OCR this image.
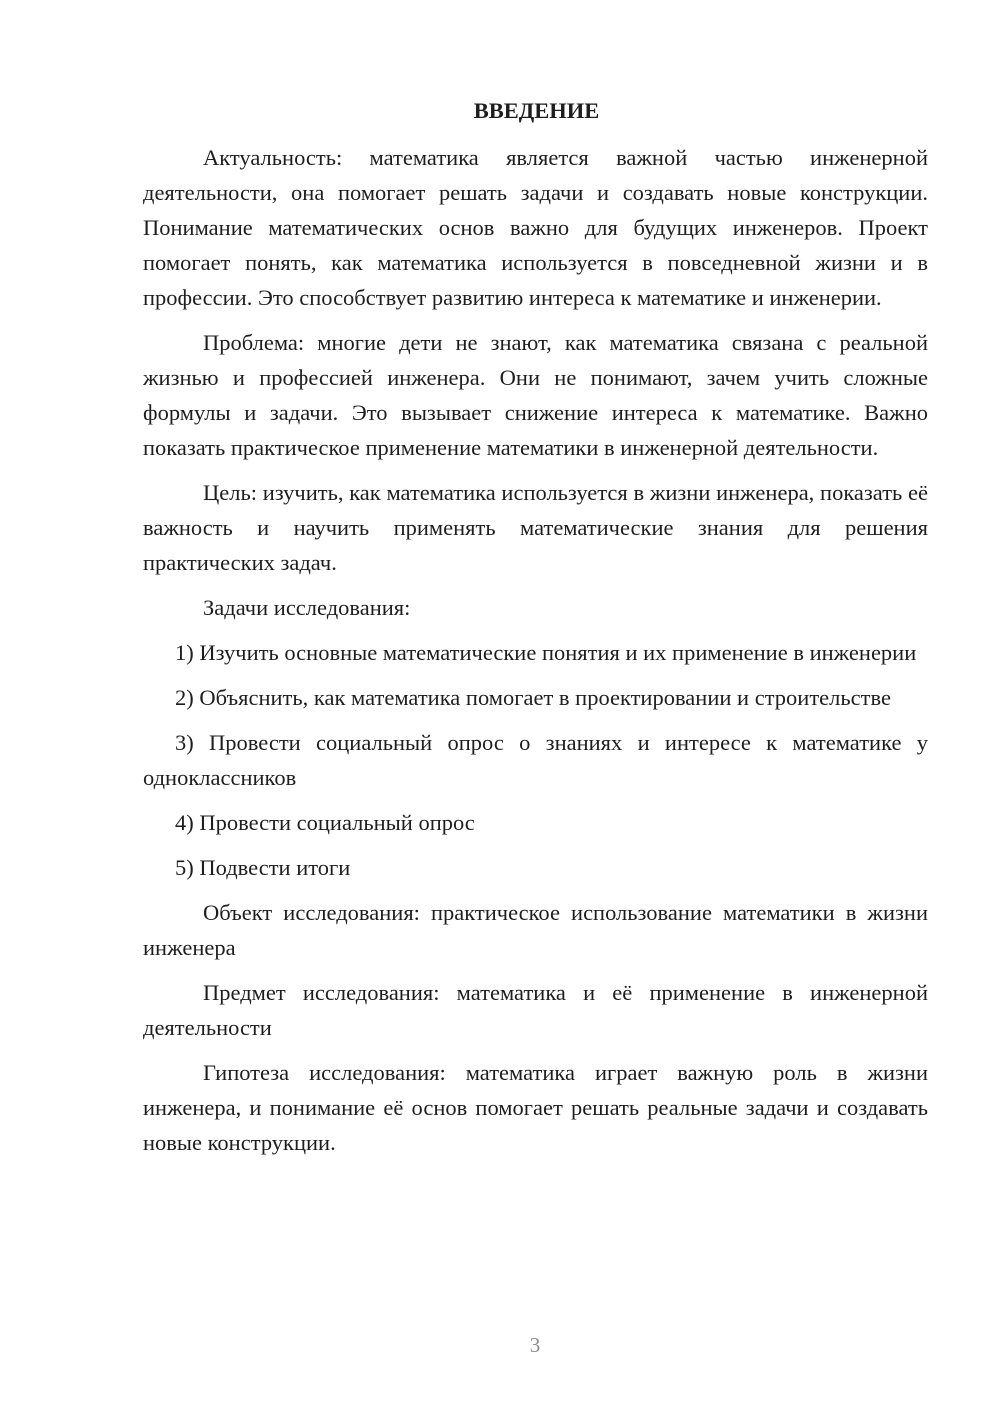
ВВЕДЕНИЕ

Актуальность: математика является важной частью инженерной деятельности, она помогает решать задачи и создавать новые конструкции. Понимание математических основ важно для будущих инженеров. Проект помогает понять, как математика используется в повседневной жизни и в профессии. Это способствует развитию интереса к математике и инженерии.

Проблема: многие дети не знают, как математика связана с реальной жизнью и профессией инженера. Они не понимают, зачем учить сложные формулы и задачи. Это вызывает снижение интереса к математике. Важно показать практическое применение математики в инженерной деятельности.

Цель: изучить, как математика используется в жизни инженера, показать её важность и научить применять математические знания для решения практических задач.

Задачи исследования:

1) Изучить основные математические понятия и их применение в инженерии

2) Объяснить, как математика помогает в проектировании и строительстве

3) Провести социальный опрос о знаниях и интересе к математике у одноклассников

4) Провести социальный опрос

5) Подвести итоги

Объект исследования: практическое использование математики в жизни инженера

Предмет исследования: математика и её применение в инженерной деятельности

Гипотеза исследования: математика играет важную роль в жизни инженера, и понимание её основ помогает решать реальные задачи и создавать новые конструкции.

3
